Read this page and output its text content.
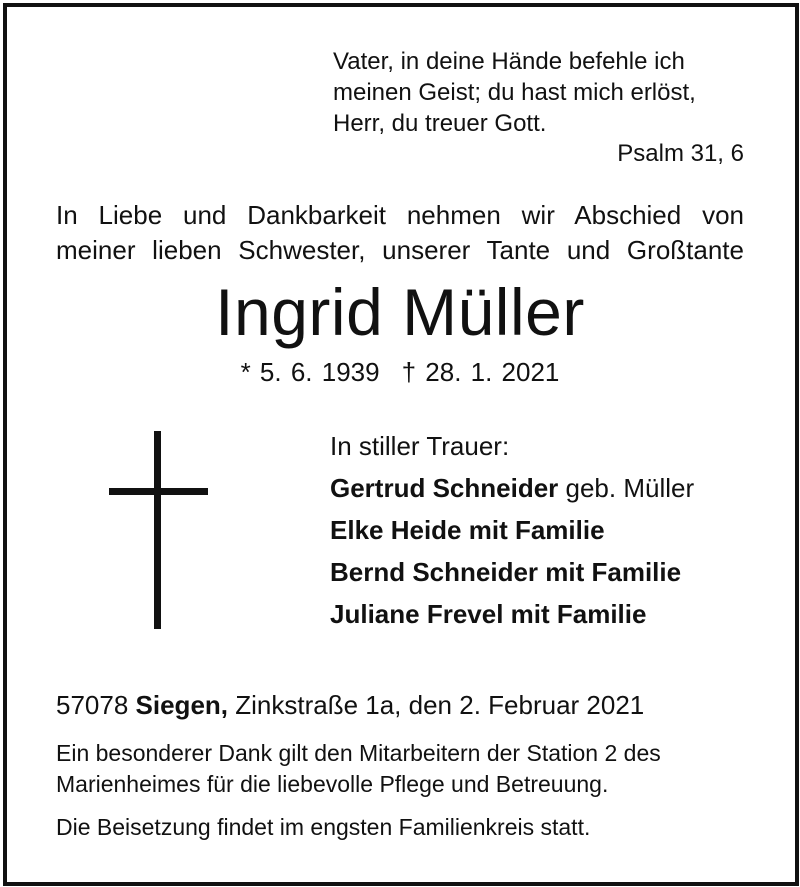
Vater, in deine Hände befehle ich
meinen Geist; du hast mich erlöst,
Herr, du treuer Gott.
Psalm 31, 6
In Liebe und Dankbarkeit nehmen wir Abschied von
meiner lieben Schwester, unserer Tante und Großtante
Ingrid Müller
* 5. 6. 1939 † 28. 1. 2021
In stiller Trauer:
Gertrud Schneider geb. Müller
Elke Heide mit Familie
Bernd Schneider mit Familie
Juliane Frevel mit Familie
57078 Siegen, Zinkstraße 1a, den 2. Februar 2021
Ein besonderer Dank gilt den Mitarbeitern der Station 2 des
Marienheimes für die liebevolle Pflege und Betreuung.
Die Beisetzung findet im engsten Familienkreis statt.
